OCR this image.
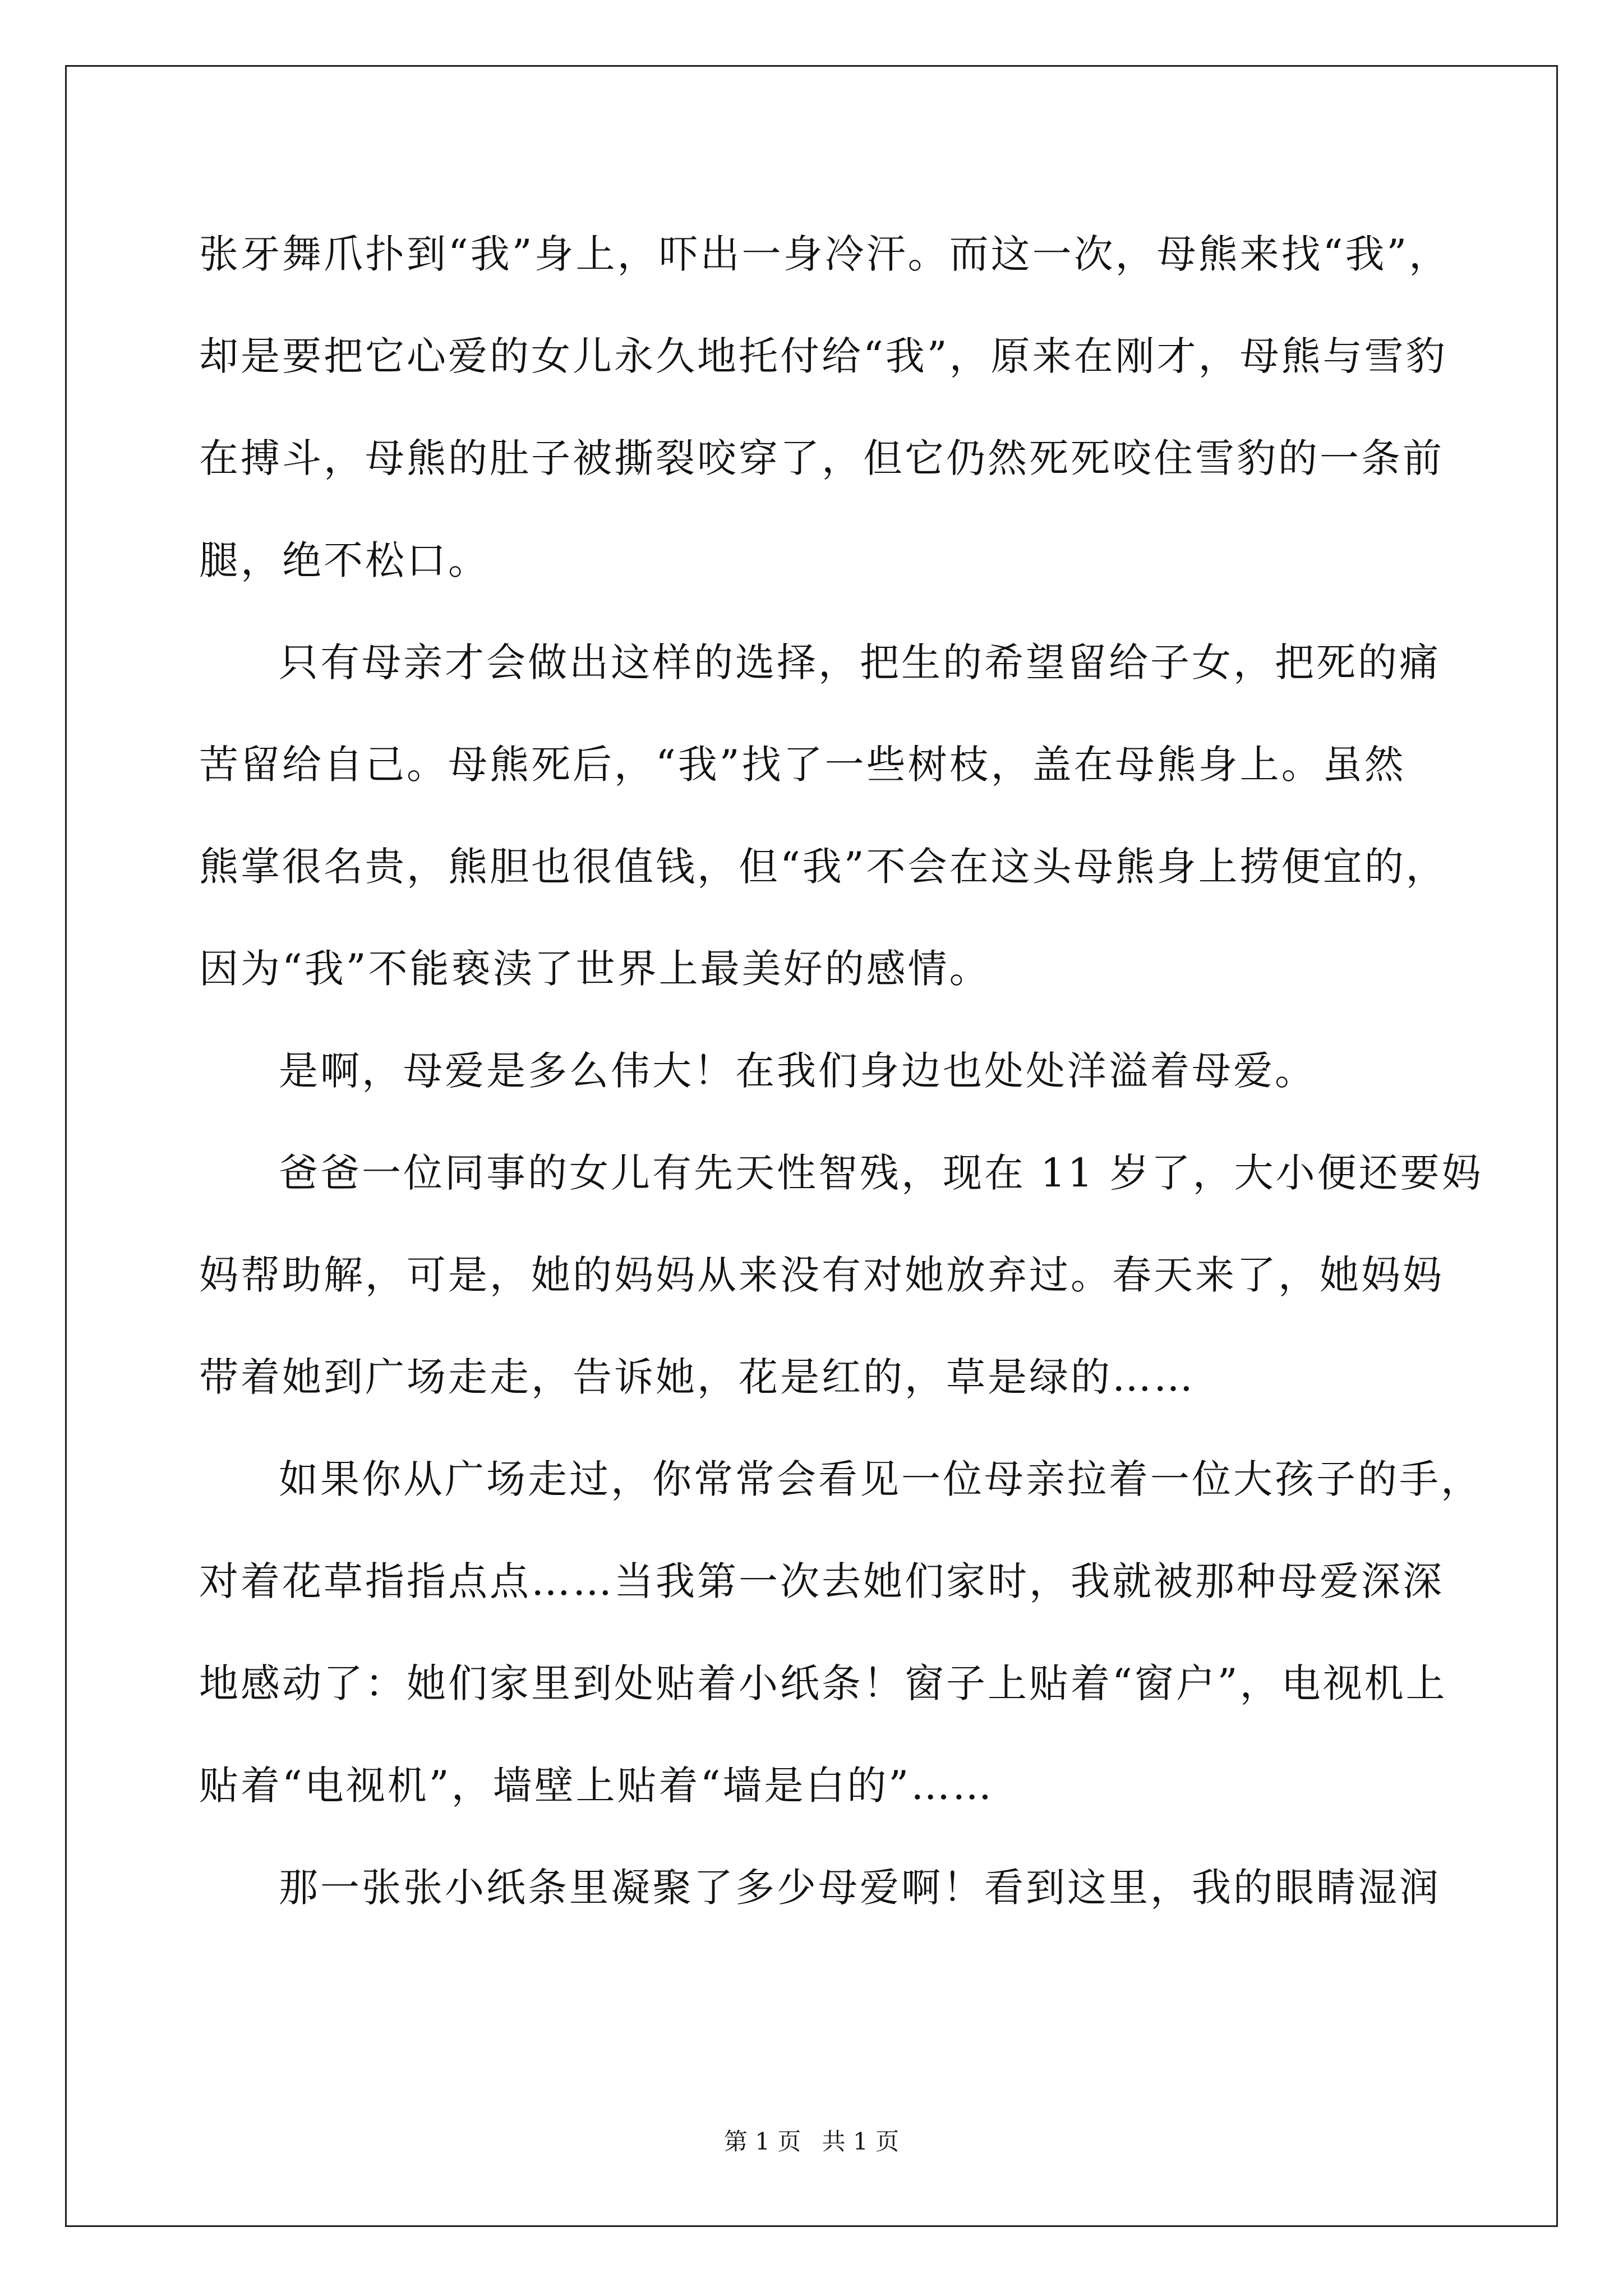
张牙舞爪扑到“我”身上，吓出一身冷汗。而这一次，母熊来找“我”，
却是要把它心爱的女儿永久地托付给“我”，原来在刚才，母熊与雪豹
在搏斗，母熊的肚子被撕裂咬穿了，但它仍然死死咬住雪豹的一条前
腿，绝不松口。
只有母亲才会做出这样的选择，把生的希望留给子女，把死的痛
苦留给自己。母熊死后，“我”找了一些树枝，盖在母熊身上。虽然
熊掌很名贵，熊胆也很值钱，但“我”不会在这头母熊身上捞便宜的，
因为“我”不能亵渎了世界上最美好的感情。
是啊，母爱是多么伟大！在我们身边也处处洋溢着母爱。
爸爸一位同事的女儿有先天性智残，现在 11 岁了，大小便还要妈
妈帮助解，可是，她的妈妈从来没有对她放弃过。春天来了，她妈妈
带着她到广场走走，告诉她，花是红的，草是绿的……
如果你从广场走过，你常常会看见一位母亲拉着一位大孩子的手，
对着花草指指点点……当我第一次去她们家时，我就被那种母爱深深
地感动了：她们家里到处贴着小纸条！窗子上贴着“窗户”，电视机上
贴着“电视机”，墙壁上贴着“墙是白的”……
那一张张小纸条里凝聚了多少母爱啊！看到这里，我的眼睛湿润
第 1 页 共 1 页
